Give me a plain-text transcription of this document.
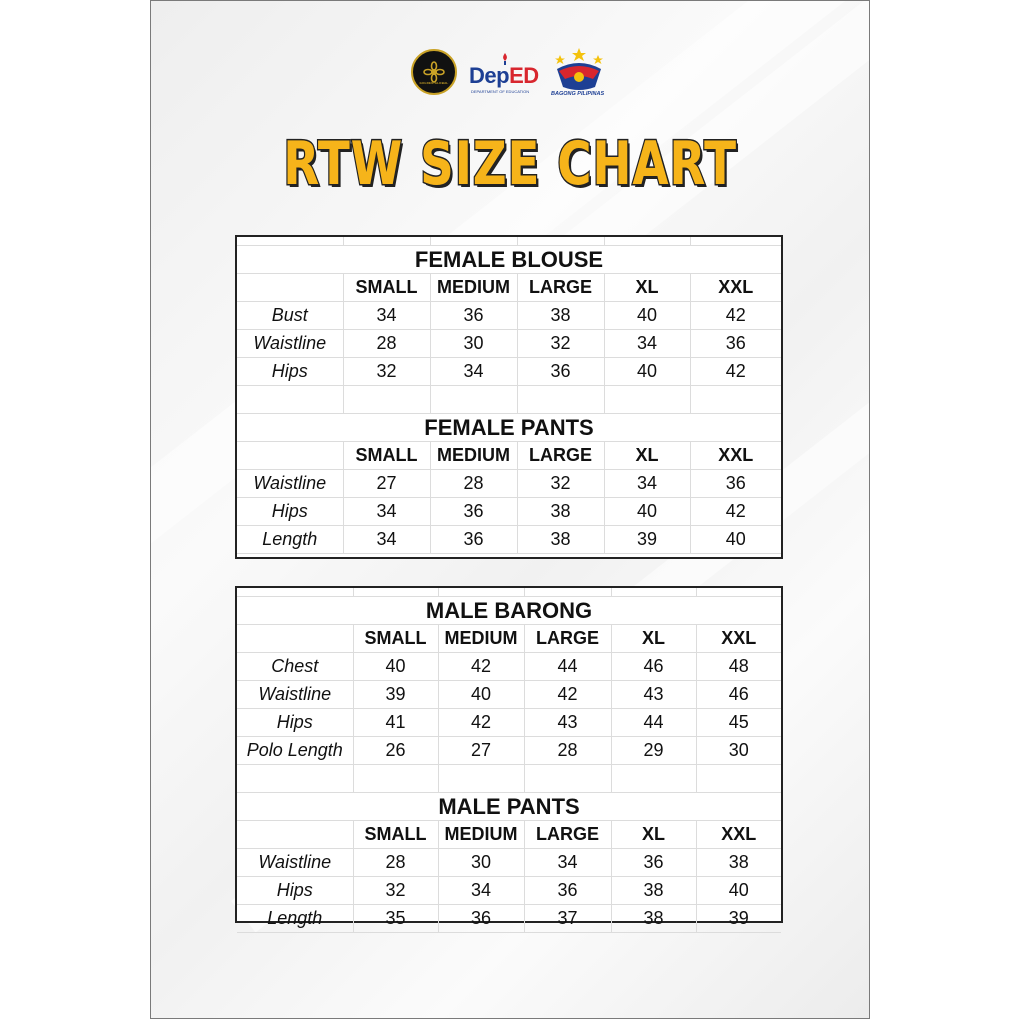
GOLDEN GLOBAL DepED
DEPARTMENT OF EDUCATION	BAGONG PILIPINAS
RTW SIZE CHART

FEMALE BLOUSE					
	SMALL	MEDIUM	LARGE	XL	XXL
Bust	34	36	38	40	42
Waistline	28	30	32	34	36
Hips	32	34	36	40	42

FEMALE PANTS					
	SMALL	MEDIUM	LARGE	XL	XXL
Waistline	27	28	32	34	36
Hips	34	36	38	40	42
Length	34	36	38	39	40

MALE BARONG					
	SMALL	MEDIUM	LARGE	XL	XXL
Chest	40	42	44	46	48
Waistline	39	40	42	43	46
Hips	41	42	43	44	45
Polo Length	26	27	28	29	30

MALE PANTS					
	SMALL	MEDIUM	LARGE	XL	XXL
Waistline	28	30	34	36	38
Hips	32	34	36	38	40
Length	35	36	37	38	39
